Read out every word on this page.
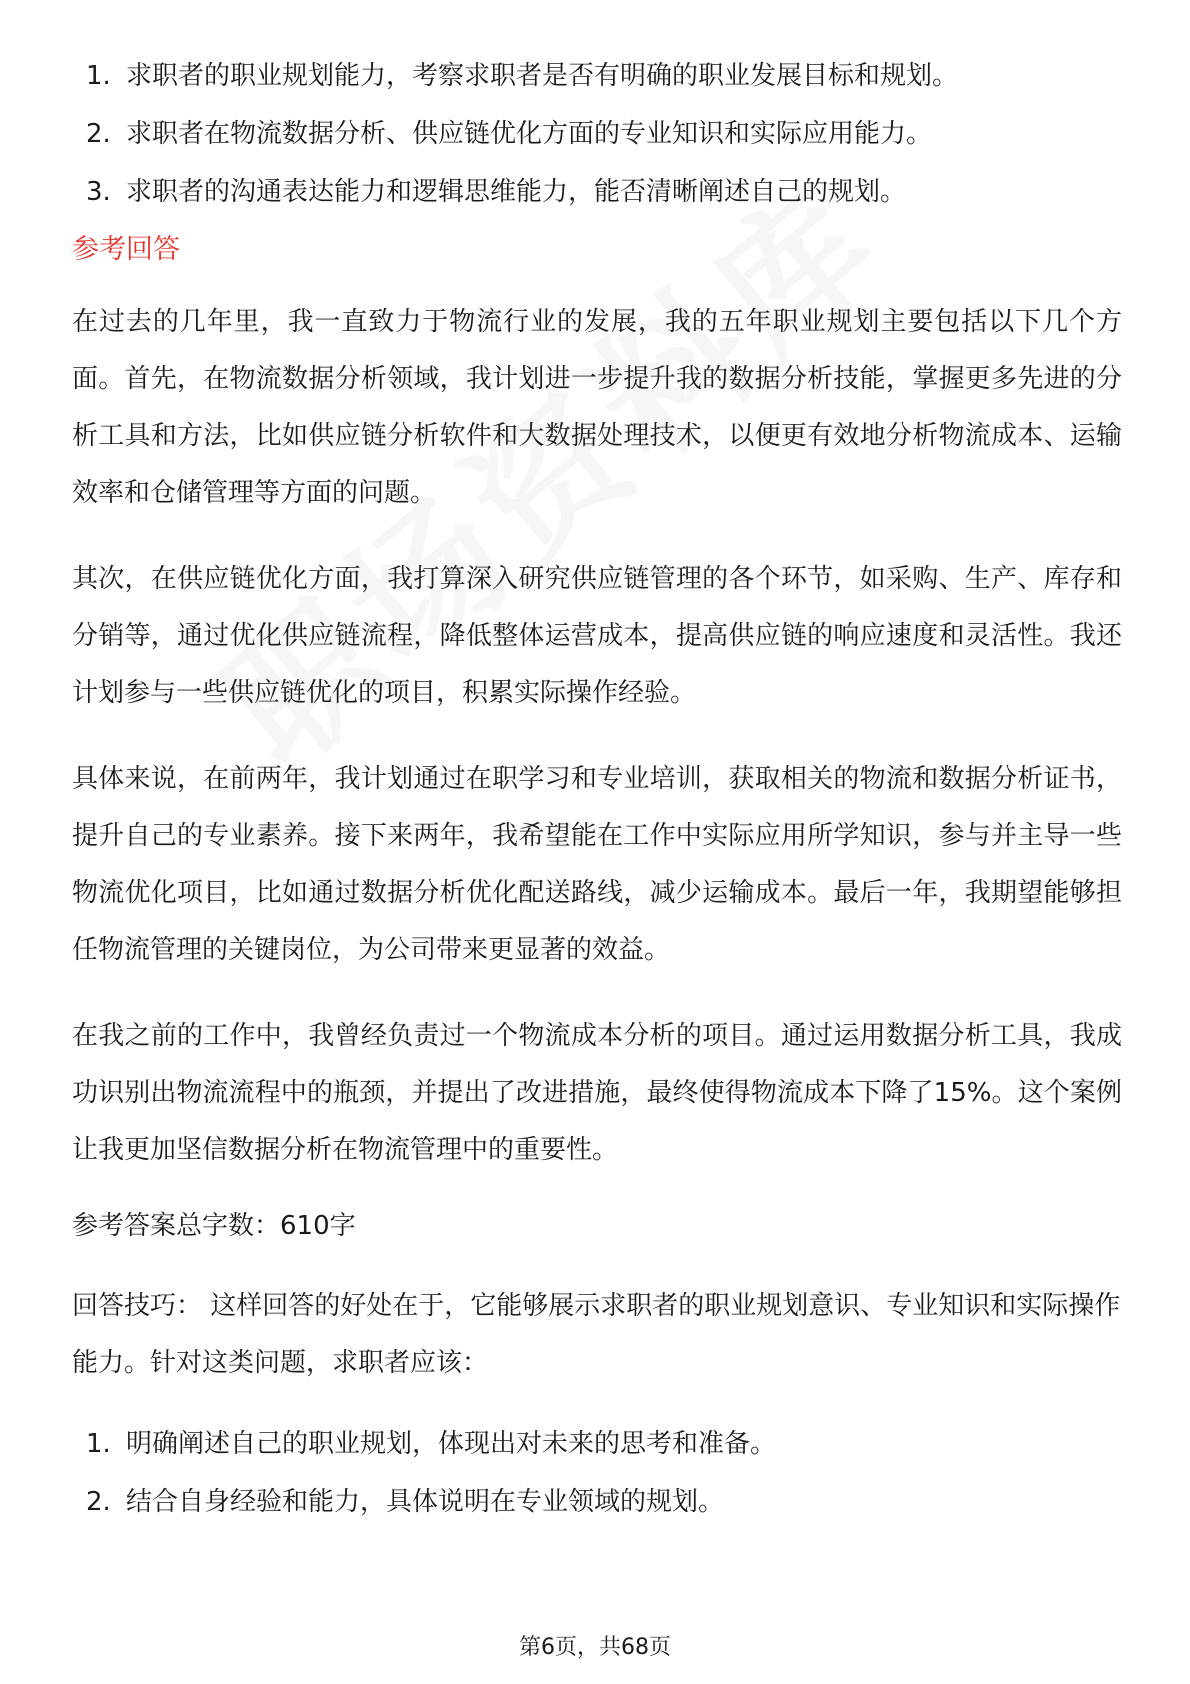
1. 求职者的职业规划能力，考察求职者是否有明确的职业发展目标和规划。
2. 求职者在物流数据分析、供应链优化方面的专业知识和实际应用能力。
3. 求职者的沟通表达能力和逻辑思维能力，能否清晰阐述自己的规划。
参考回答

在过去的几年里，我一直致力于物流行业的发展，我的五年职业规划主要包括以下几个方面。首先，在物流数据分析领域，我计划进一步提升我的数据分析技能，掌握更多先进的分析工具和方法，比如供应链分析软件和大数据处理技术，以便更有效地分析物流成本、运输效率和仓储管理等方面的问题。

其次，在供应链优化方面，我打算深入研究供应链管理的各个环节，如采购、生产、库存和分销等，通过优化供应链流程，降低整体运营成本，提高供应链的响应速度和灵活性。我还计划参与一些供应链优化的项目，积累实际操作经验。

具体来说，在前两年，我计划通过在职学习和专业培训，获取相关的物流和数据分析证书，提升自己的专业素养。接下来两年，我希望能在工作中实际应用所学知识，参与并主导一些物流优化项目，比如通过数据分析优化配送路线，减少运输成本。最后一年，我期望能够担任物流管理的关键岗位，为公司带来更显著的效益。

在我之前的工作中，我曾经负责过一个物流成本分析的项目。通过运用数据分析工具，我成功识别出物流流程中的瓶颈，并提出了改进措施，最终使得物流成本下降了15%。这个案例让我更加坚信数据分析在物流管理中的重要性。

参考答案总字数：610字

回答技巧： 这样回答的好处在于，它能够展示求职者的职业规划意识、专业知识和实际操作能力。针对这类问题，求职者应该：

1. 明确阐述自己的职业规划，体现出对未来的思考和准备。
2. 结合自身经验和能力，具体说明在专业领域的规划。
第6页，共68页
